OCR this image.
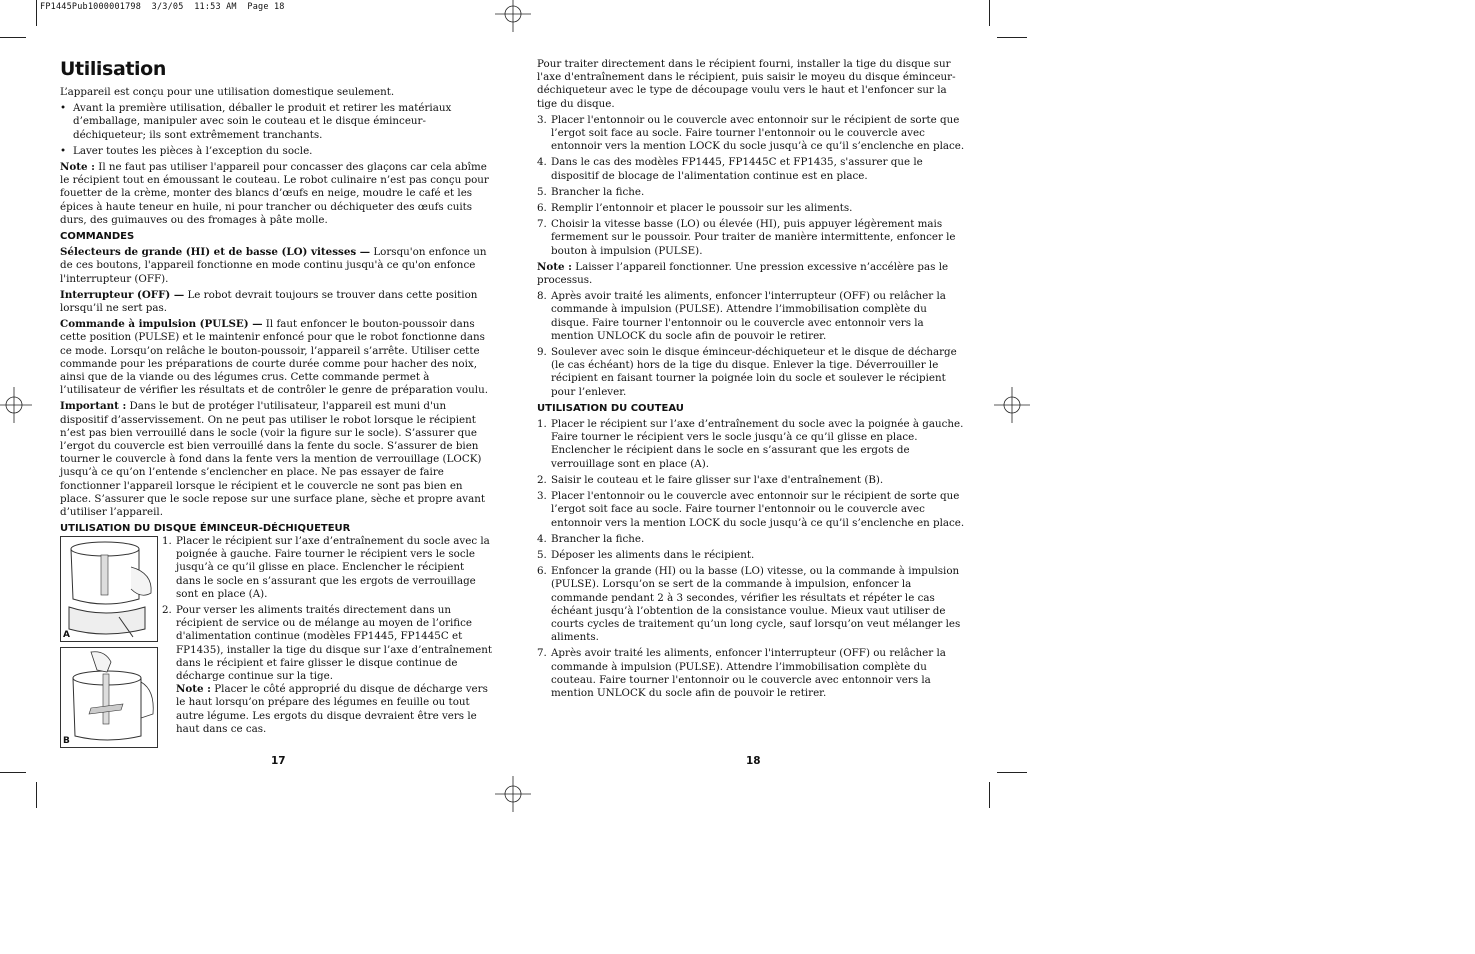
FP1445Pub1000001798  3/3/05  11:53 AM  Page 18
Utilisation

L’appareil est conçu pour une utilisation domestique seulement.

• Avant la première utilisation, déballer le produit et retirer les matériaux d’emballage, manipuler avec soin le couteau et le disque éminceur-déchiqueteur; ils sont extrêmement tranchants.
• Laver toutes les pièces à l’exception du socle.

Note : Il ne faut pas utiliser l'appareil pour concasser des glaçons car cela abîme le récipient tout en émoussant le couteau. Le robot culinaire n’est pas conçu pour fouetter de la crème, monter des blancs d’œufs en neige, moudre le café et les épices à haute teneur en huile, ni pour trancher ou déchiqueter des œufs cuits durs, des guimauves ou des fromages à pâte molle.

COMMANDES

Sélecteurs de grande (HI) et de basse (LO) vitesses — Lorsqu'on enfonce un de ces boutons, l'appareil fonctionne en mode continu jusqu'à ce qu'on enfonce l'interrupteur (OFF).

Interrupteur (OFF) — Le robot devrait toujours se trouver dans cette position lorsqu’il ne sert pas.

Commande à impulsion (PULSE) — Il faut enfoncer le bouton-poussoir dans cette position (PULSE) et le maintenir enfoncé pour que le robot fonctionne dans ce mode. Lorsqu’on relâche le bouton-poussoir, l’appareil s’arrête. Utiliser cette commande pour les préparations de courte durée comme pour hacher des noix, ainsi que de la viande ou des légumes crus. Cette commande permet à l’utilisateur de vérifier les résultats et de contrôler le genre de préparation voulu.

Important : Dans le but de protéger l'utilisateur, l'appareil est muni d'un dispositif d’asservissement. On ne peut pas utiliser le robot lorsque le récipient n’est pas bien verrouillé dans le socle (voir la figure sur le socle). S’assurer que l’ergot du couvercle est bien verrouillé dans la fente du socle. S’assurer de bien tourner le couvercle à fond dans la fente vers la mention de verrouillage (LOCK) jusqu’à ce qu’on l’entende s’enclencher en place. Ne pas essayer de faire fonctionner l'appareil lorsque le récipient et le couvercle ne sont pas bien en place. S’assurer que le socle repose sur une surface plane, sèche et propre avant d’utiliser l’appareil.

UTILISATION DU DISQUE ÉMINCEUR-DÉCHIQUETEUR

A
B
1. Placer le récipient sur l’axe d’entraînement du socle avec la poignée à gauche. Faire tourner le récipient vers le socle jusqu’à ce qu’il glisse en place. Enclencher le récipient dans le socle en s’assurant que les ergots de verrouillage sont en place (A).
2. Pour verser les aliments traités directement dans un récipient de service ou de mélange au moyen de l’orifice d'alimentation continue (modèles FP1445, FP1445C et FP1435), installer la tige du disque sur l’axe d’entraînement dans le récipient et faire glisser le disque continue de décharge continue sur la tige.
Note : Placer le côté approprié du disque de décharge vers le haut lorsqu’on prépare des légumes en feuille ou tout autre légume. Les ergots du disque devraient être vers le haut dans ce cas.
17

Pour traiter directement dans le récipient fourni, installer la tige du disque sur l'axe d'entraînement dans le récipient, puis saisir le moyeu du disque éminceur-déchiqueteur avec le type de découpage voulu vers le haut et l'enfoncer sur la tige du disque.

3. Placer l'entonnoir ou le couvercle avec entonnoir sur le récipient de sorte que l’ergot soit face au socle. Faire tourner l'entonnoir ou le couvercle avec entonnoir vers la mention LOCK du socle jusqu’à ce qu’il s’enclenche en place.
4. Dans le cas des modèles FP1445, FP1445C et FP1435, s'assurer que le dispositif de blocage de l'alimentation continue est en place.
5. Brancher la fiche.
6. Remplir l’entonnoir et placer le poussoir sur les aliments.
7. Choisir la vitesse basse (LO) ou élevée (HI), puis appuyer légèrement mais fermement sur le poussoir. Pour traiter de manière intermittente, enfoncer le bouton à impulsion (PULSE).

Note : Laisser l’appareil fonctionner. Une pression excessive n’accélère pas le processus.

8. Après avoir traité les aliments, enfoncer l'interrupteur (OFF) ou relâcher la commande à impulsion (PULSE). Attendre l’immobilisation complète du disque. Faire tourner l'entonnoir ou le couvercle avec entonnoir vers la mention UNLOCK du socle afin de pouvoir le retirer.
9. Soulever avec soin le disque éminceur-déchiqueteur et le disque de décharge (le cas échéant) hors de la tige du disque. Enlever la tige. Déverrouiller le récipient en faisant tourner la poignée loin du socle et soulever le récipient pour l’enlever.

UTILISATION DU COUTEAU

1. Placer le récipient sur l’axe d’entraînement du socle avec la poignée à gauche. Faire tourner le récipient vers le socle jusqu’à ce qu’il glisse en place. Enclencher le récipient dans le socle en s’assurant que les ergots de verrouillage sont en place (A).
2. Saisir le couteau et le faire glisser sur l'axe d'entraînement (B).
3. Placer l'entonnoir ou le couvercle avec entonnoir sur le récipient de sorte que l’ergot soit face au socle. Faire tourner l'entonnoir ou le couvercle avec entonnoir vers la mention LOCK du socle jusqu’à ce qu’il s’enclenche en place.
4. Brancher la fiche.
5. Déposer les aliments dans le récipient.
6. Enfoncer la grande (HI) ou la basse (LO) vitesse, ou la commande à impulsion (PULSE). Lorsqu’on se sert de la commande à impulsion, enfoncer la commande pendant 2 à 3 secondes, vérifier les résultats et répéter le cas échéant jusqu’à l’obtention de la consistance voulue. Mieux vaut utiliser de courts cycles de traitement qu’un long cycle, sauf lorsqu’on veut mélanger les aliments.
7. Après avoir traité les aliments, enfoncer l'interrupteur (OFF) ou relâcher la commande à impulsion (PULSE). Attendre l’immobilisation complète du couteau. Faire tourner l'entonnoir ou le couvercle avec entonnoir vers la mention UNLOCK du socle afin de pouvoir le retirer.
18
